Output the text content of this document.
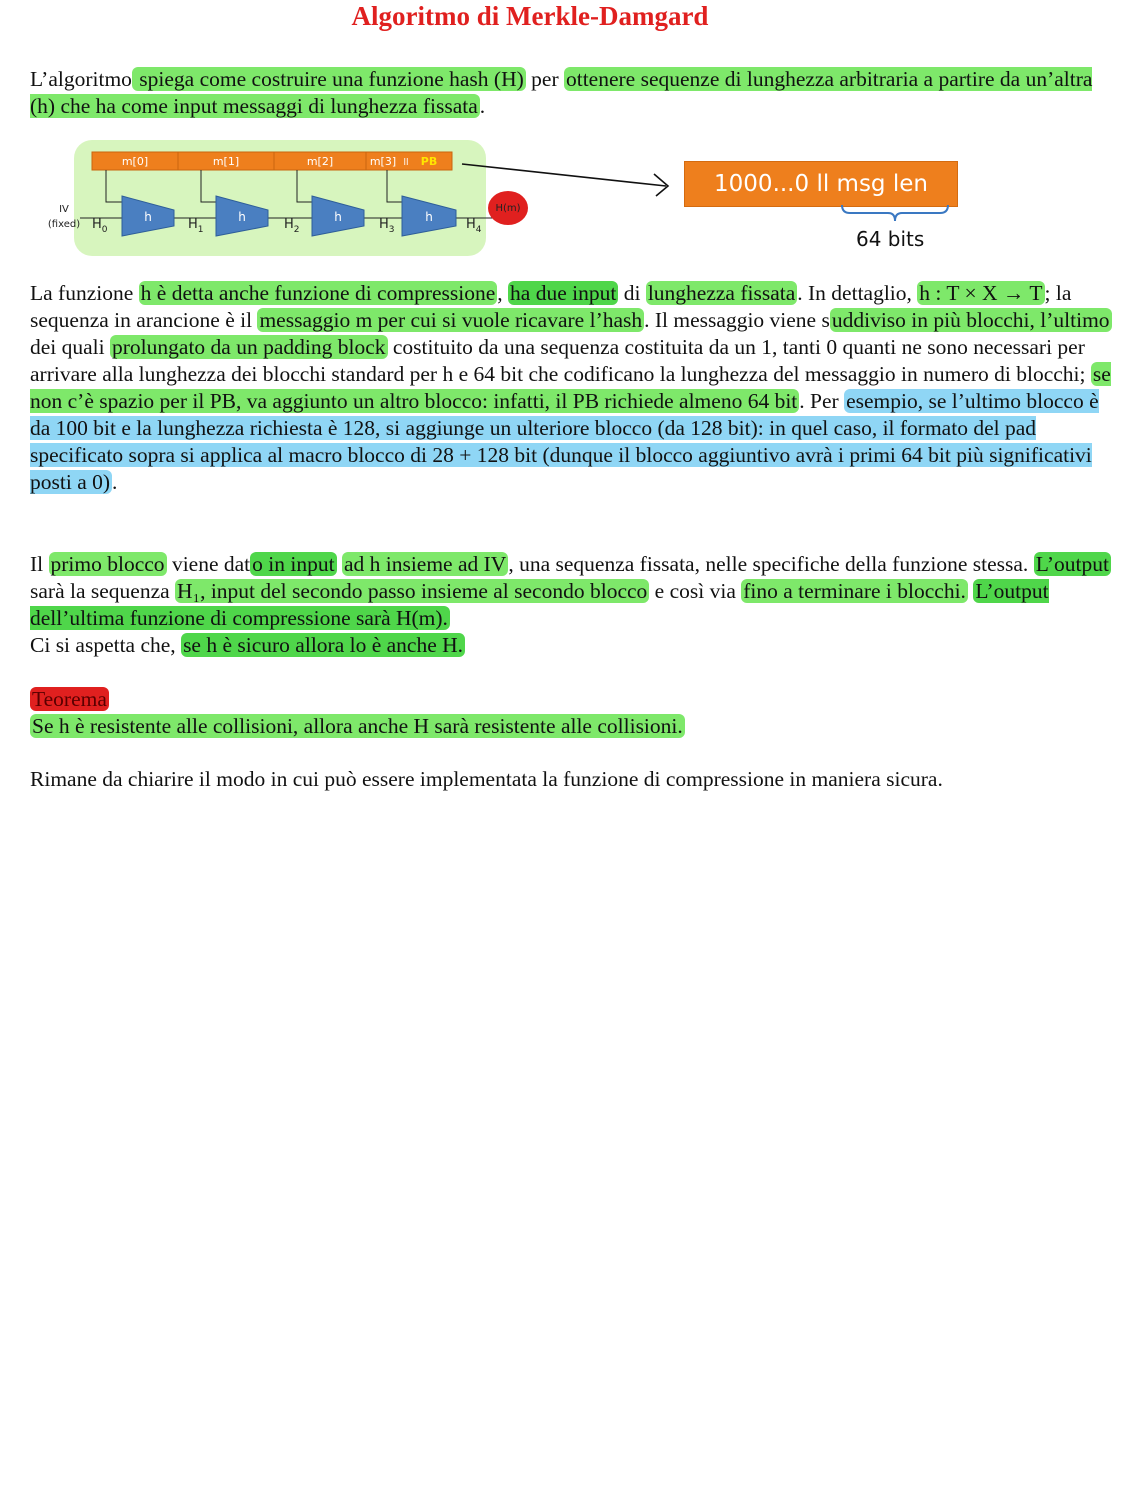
Algoritmo di Merkle-Damgard
L’algoritmo spiega come costruire una funzione hash (H) per ottenere sequenze di lunghezza arbitraria a partire da un’altra (h) che ha come input messaggi di lunghezza fissata.
m[0]	m[1]	m[2]	m[3] ll PB
h	h	h	h
IV
(fixed) $H_0$	$H_1$	$H_2$	$H_3$	$H_4$
H(m)
1000...0 ll msg len
64 bits
La funzione h è detta anche funzione di compressione, ha due input di lunghezza fissata. In dettaglio, h : T × X → T; la sequenza in arancione è il messaggio m per cui si vuole ricavare l’hash. Il messaggio viene suddiviso in più blocchi, l’ultimo dei quali prolungato da un padding block costituito da una sequenza costituita da un 1, tanti 0 quanti ne sono necessari per arrivare alla lunghezza dei blocchi standard per h e 64 bit che codificano la lunghezza del messaggio in numero di blocchi; se non c’è spazio per il PB, va aggiunto un altro blocco: infatti, il PB richiede almeno 64 bit. Per esempio, se l’ultimo blocco è da 100 bit e la lunghezza richiesta è 128, si aggiunge un ulteriore blocco (da 128 bit): in quel caso, il formato del pad specificato sopra si applica al macro blocco di 28 + 128 bit (dunque il blocco aggiuntivo avrà i primi 64 bit più significativi posti a 0).
Il primo blocco viene dato in input ad h insieme ad IV, una sequenza fissata, nelle specifiche della funzione stessa. L’output sarà la sequenza H₁, input del secondo passo insieme al secondo blocco e così via fino a terminare i blocchi. L’output dell’ultima funzione di compressione sarà H(m).
Ci si aspetta che, se h è sicuro allora lo è anche H.
Teorema
Se h è resistente alle collisioni, allora anche H sarà resistente alle collisioni.
Rimane da chiarire il modo in cui può essere implementata la funzione di compressione in maniera sicura.
